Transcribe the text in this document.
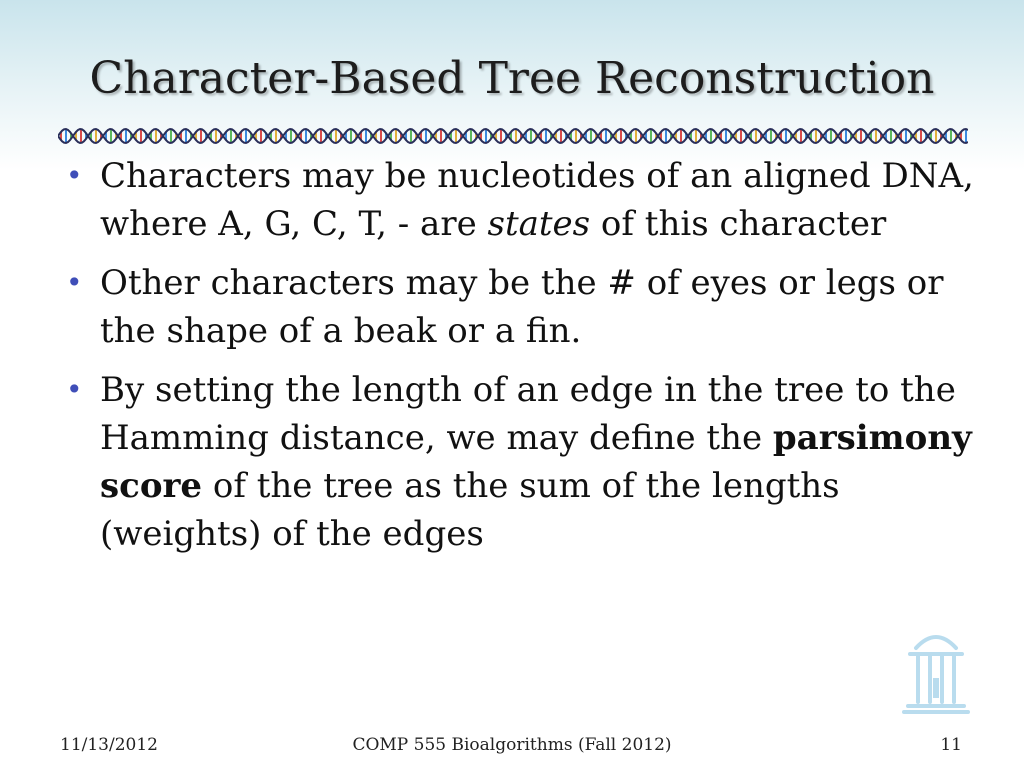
Character-Based Tree Reconstruction
• Characters may be nucleotides of an aligned DNA, where A, G, C, T, - are states of this character
• Other characters may be the # of eyes or legs or the shape of a beak or a fin.
• By setting the length of an edge in the tree to the Hamming distance, we may define the parsimony score of the tree as the sum of the lengths (weights) of the edges
11/13/2012	COMP 555 Bioalgorithms (Fall 2012)	11
